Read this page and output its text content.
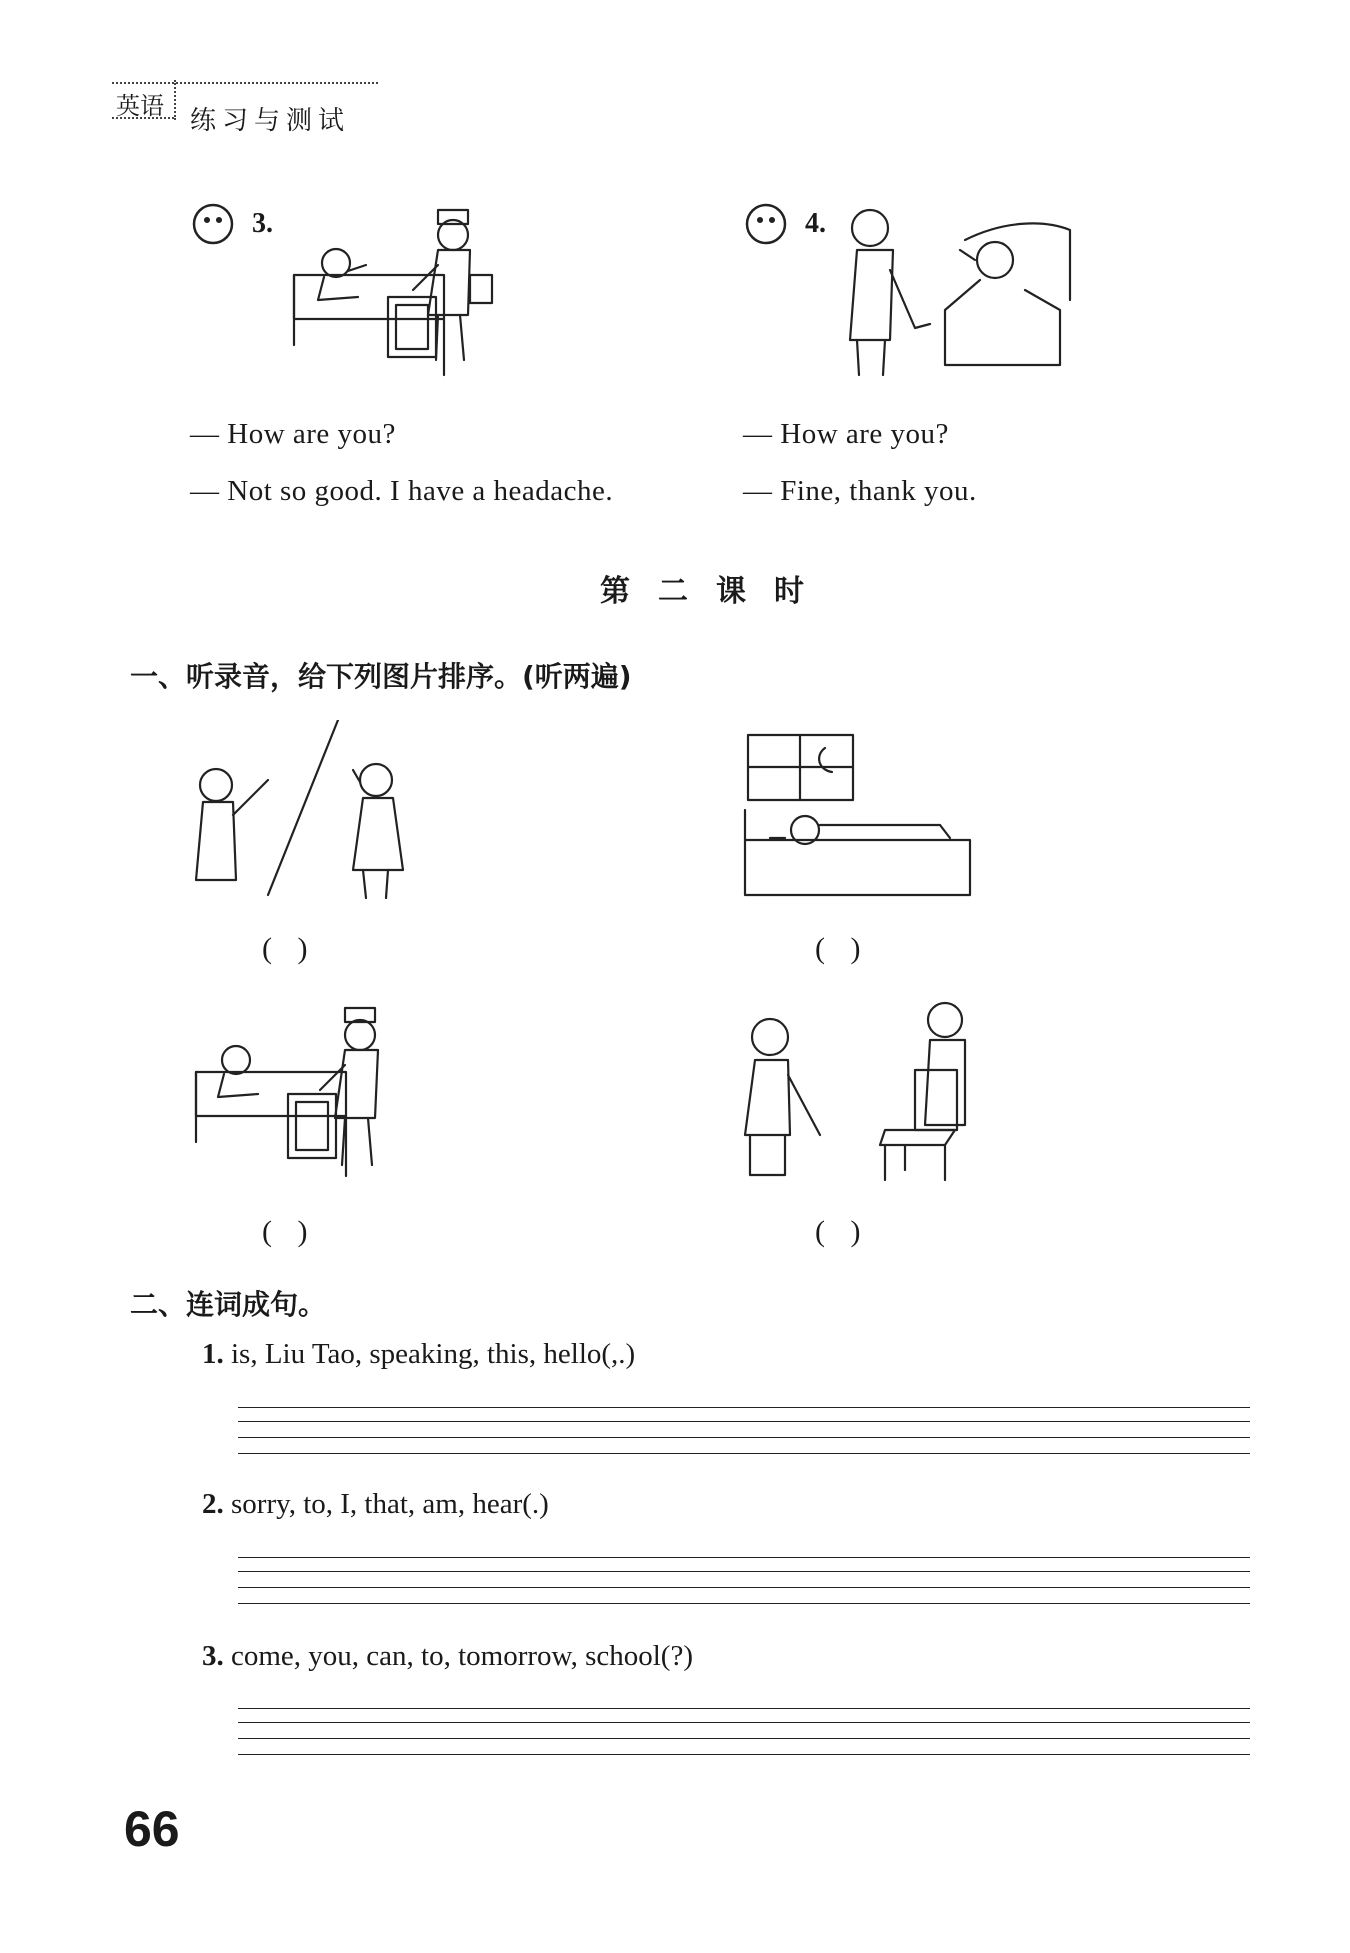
英语 练习与测试
3.
— How are you?
— Not so good. I have a headache.
4.
— How are you?
— Fine, thank you.
第二课时
一、听录音，给下列图片排序。(听两遍)
( )	( )
( )	( )
二、连词成句。
1. is, Liu Tao, speaking, this, hello(,.)
2. sorry, to, I, that, am, hear(.)
3. come, you, can, to, tomorrow, school(?)
66
